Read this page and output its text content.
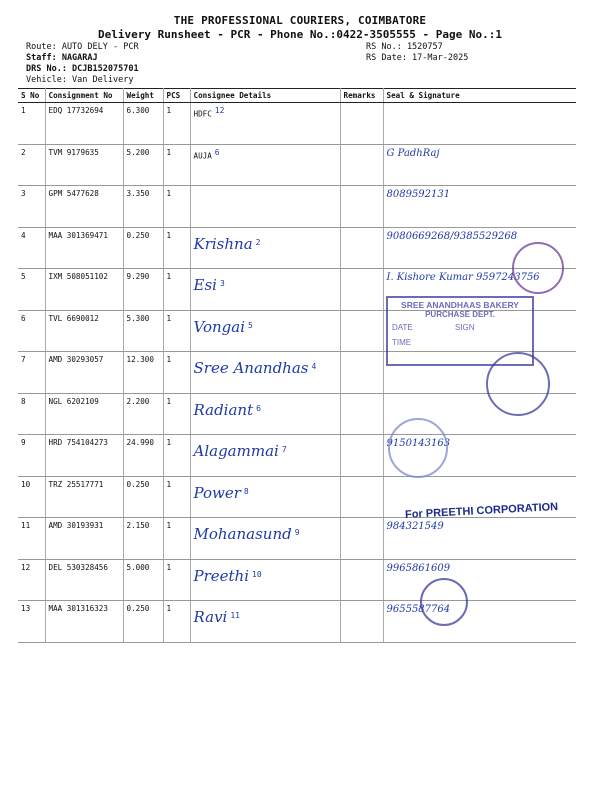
THE PROFESSIONAL COURIERS, COIMBATORE
Delivery Runsheet - PCR - Phone No.:0422-3505555 - Page No.:1
Route: AUTO DELY - PCR
Staff: NAGARAJ
DRS No.: DCJB152075701
Vehicle: Van Delivery
RS No.: 1520757
RS Date: 17-Mar-2025
S No	Consignment No	Weight	PCS	Consignee Details	Remarks	Seal & Signature
1	EDQ 17732694	6.300	1	HDFC 12		
2	TVM 9179635	5.200	1	AUJA 6		G PadhRaj
3	GPM 5477628	3.350	1			8089592131
4	MAA 301369471	0.250	1	Krishna 2		9080669268/9385529268
5	IXM 508051102	9.290	1	Esi 3		I. Kishore Kumar 9597243756
6	TVL 6690012	5.300	1	Vongai 5		
7	AMD 30293057	12.300	1	Sree Anandhas 4		
8	NGL 6202109	2.200	1	Radiant 6		
9	HRD 754104273	24.990	1	Alagammai 7		9150143163
10	TRZ 25517771	0.250	1	Power 8		
11	AMD 30193931	2.150	1	Mohanasund 9		984321549
12	DEL 530328456	5.000	1	Preethi 10		9965861609
13	MAA 301316323	0.250	1	Ravi 11		9655587764
SREE ANANDHAAS BAKERY
PURCHASE DEPT.
DATE	SIGN
TIME
For PREETHI CORPORATION
